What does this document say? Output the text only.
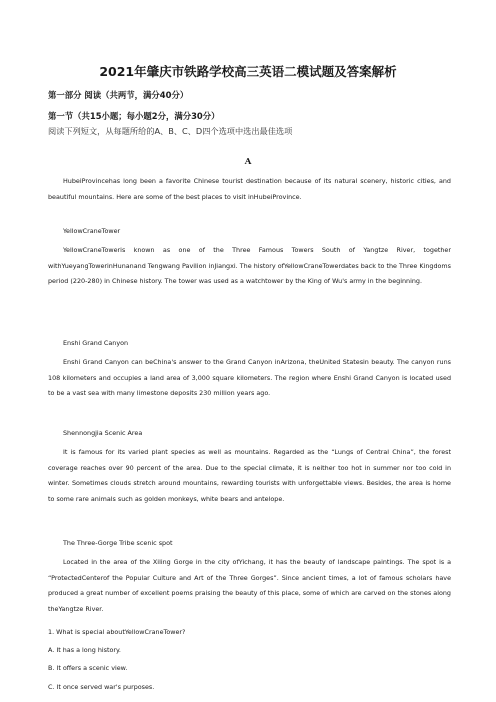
2021年肇庆市铁路学校高三英语二模试题及答案解析
第一部分 阅读（共两节，满分40分）
第一节（共15小题；每小题2分，满分30分）
阅读下列短文，从每题所给的A、B、C、D四个选项中选出最佳选项
A
HubeiProvincehas long been a favorite Chinese tourist destination because of its natural scenery, historic cities, and beautiful mountains. Here are some of the best places to visit inHubeiProvince.
YellowCraneTower
YellowCraneToweris known as one of the Three Famous Towers South of Yangtze River, together withYueyangTowerinHunanand Tengwang Pavilion inJiangxi. The history ofYellowCraneTowerdates back to the Three Kingdoms period (220-280) in Chinese history. The tower was used as a watchtower by the King of Wu's army in the beginning.
Enshi Grand Canyon
Enshi Grand Canyon can beChina's answer to the Grand Canyon inArizona, theUnited Statesin beauty. The canyon runs 108 kilometers and occupies a land area of 3,000 square kilometers. The region where Enshi Grand Canyon is located used to be a vast sea with many limestone deposits 230 million years ago.
Shennongjia Scenic Area
It is famous for its varied plant species as well as mountains. Regarded as the “Lungs of Central China”, the forest coverage reaches over 90 percent of the area. Due to the special climate, it is neither too hot in summer nor too cold in winter. Sometimes clouds stretch around mountains, rewarding tourists with unforgettable views. Besides, the area is home to some rare animals such as golden monkeys, white bears and antelope.
The Three-Gorge Tribe scenic spot
Located in the area of the Xiling Gorge in the city ofYichang, it has the beauty of landscape paintings. The spot is a “ProtectedCenterof the Popular Culture and Art of the Three Gorges”. Since ancient times, a lot of famous scholars have produced a great number of excellent poems praising the beauty of this place, some of which are carved on the stones along theYangtze River.
1. What is special aboutYellowCraneTower?
A. It has a long history.
B. It offers a scenic view.
C. It once served war's purposes.
